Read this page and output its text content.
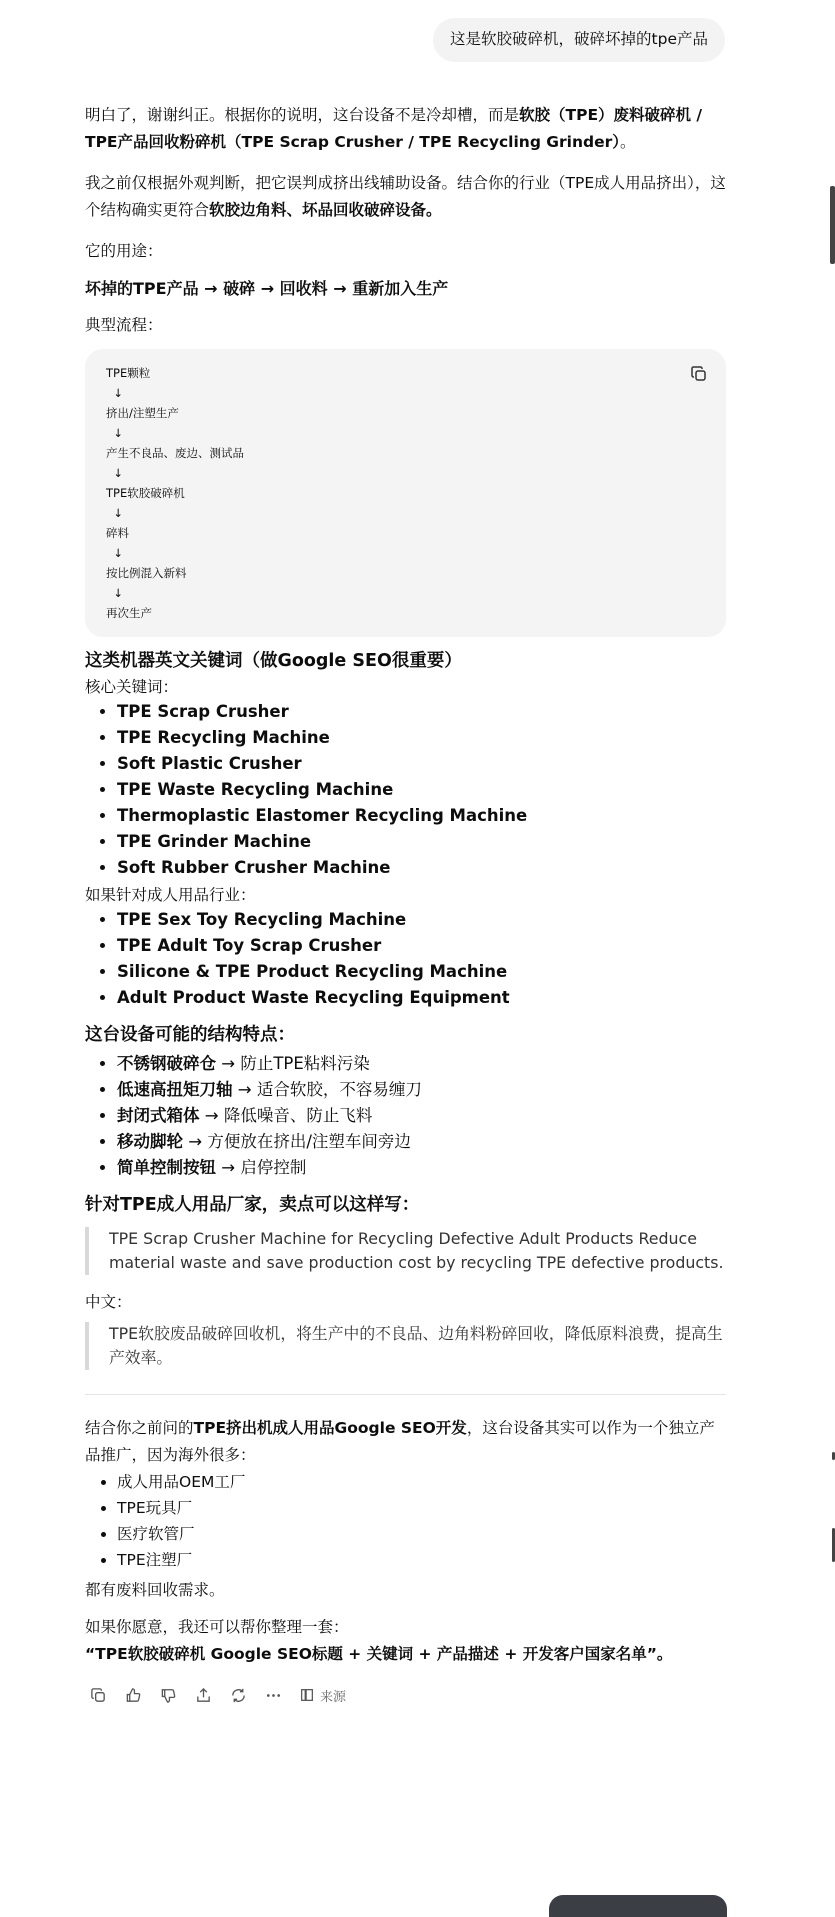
这是软胶破碎机，破碎坏掉的tpe产品

明白了，谢谢纠正。根据你的说明，这台设备不是冷却槽，而是软胶（TPE）废料破碎机 / TPE产品回收粉碎机（TPE Scrap Crusher / TPE Recycling Grinder）。

我之前仅根据外观判断，把它误判成挤出线辅助设备。结合你的行业（TPE成人用品挤出），这个结构确实更符合软胶边角料、坏品回收破碎设备。

它的用途：

坏掉的TPE产品 → 破碎 → 回收料 → 重新加入生产

典型流程：

TPE颗粒
↓
挤出/注塑生产
↓
产生不良品、废边、测试品
↓
TPE软胶破碎机
↓
碎料
↓
按比例混入新料
↓
再次生产

这类机器英文关键词（做Google SEO很重要）

核心关键词：

• TPE Scrap Crusher
• TPE Recycling Machine
• Soft Plastic Crusher
• TPE Waste Recycling Machine
• Thermoplastic Elastomer Recycling Machine
• TPE Grinder Machine
• Soft Rubber Crusher Machine

如果针对成人用品行业：

• TPE Sex Toy Recycling Machine
• TPE Adult Toy Scrap Crusher
• Silicone & TPE Product Recycling Machine
• Adult Product Waste Recycling Equipment

这台设备可能的结构特点：

• 不锈钢破碎仓 → 防止TPE粘料污染
• 低速高扭矩刀轴 → 适合软胶，不容易缠刀
• 封闭式箱体 → 降低噪音、防止飞料
• 移动脚轮 → 方便放在挤出/注塑车间旁边
• 简单控制按钮 → 启停控制

针对TPE成人用品厂家，卖点可以这样写：

TPE Scrap Crusher Machine for Recycling Defective Adult Products Reduce material waste and save production cost by recycling TPE defective products.

中文：

TPE软胶废品破碎回收机，将生产中的不良品、边角料粉碎回收，降低原料浪费，提高生产效率。

结合你之前问的TPE挤出机成人用品Google SEO开发，这台设备其实可以作为一个独立产品推广，因为海外很多：

• 成人用品OEM工厂
• TPE玩具厂
• 医疗软管厂
• TPE注塑厂

都有废料回收需求。

如果你愿意，我还可以帮你整理一套：

“TPE软胶破碎机 Google SEO标题 + 关键词 + 产品描述 + 开发客户国家名单”。

来源
